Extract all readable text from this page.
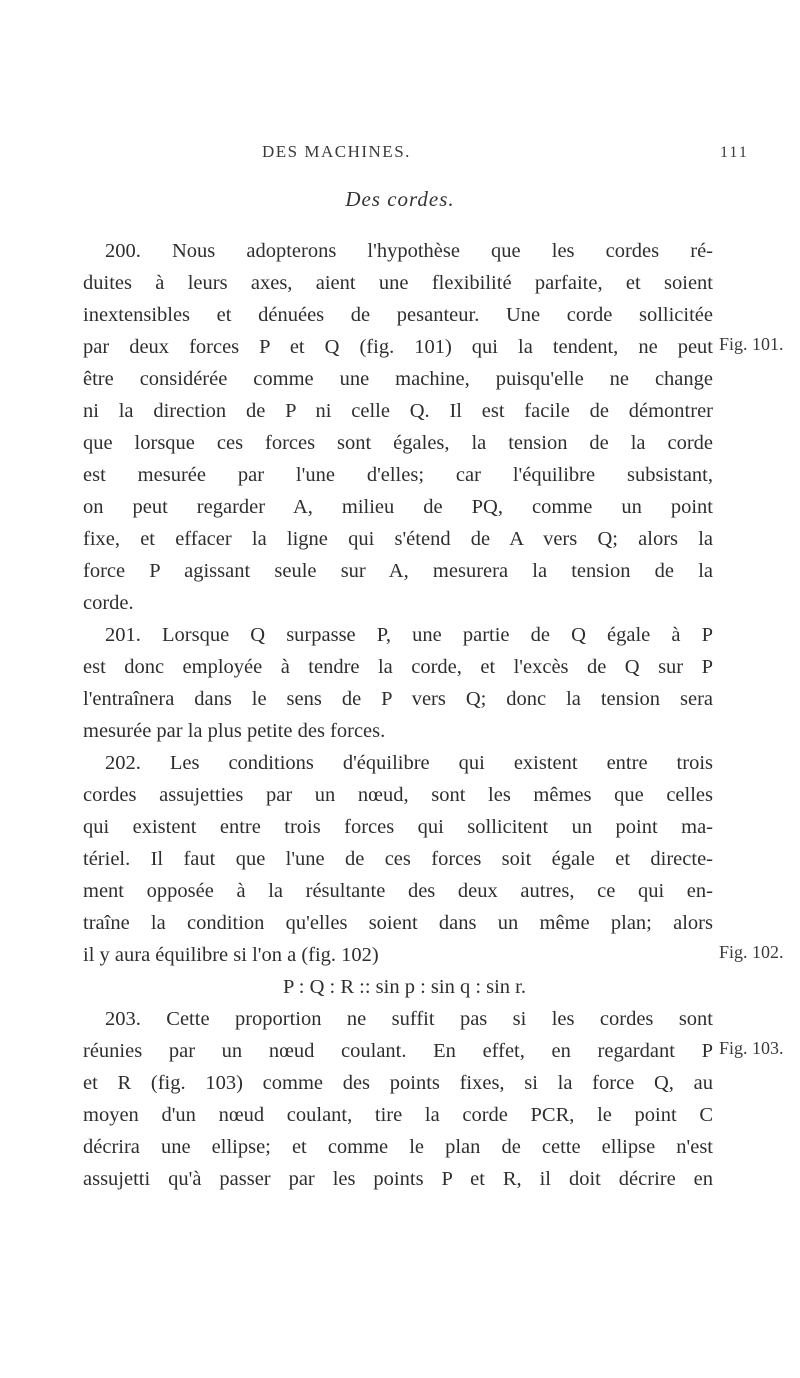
DES MACHINES.	111
Des cordes.
200. Nous adopterons l'hypothèse que les cordes ré-
duites à leurs axes, aient une flexibilité parfaite, et soient
inextensibles et dénuées de pesanteur. Une corde sollicitée
par deux forces P et Q (fig. 101) qui la tendent, ne peut
être considérée comme une machine, puisqu'elle ne change
ni la direction de P ni celle Q. Il est facile de démontrer
que lorsque ces forces sont égales, la tension de la corde
est mesurée par l'une d'elles; car l'équilibre subsistant,
on peut regarder A, milieu de PQ, comme un point
fixe, et effacer la ligne qui s'étend de A vers Q; alors la
force P agissant seule sur A, mesurera la tension de la
corde.
201. Lorsque Q surpasse P, une partie de Q égale à P
est donc employée à tendre la corde, et l'excès de Q sur P
l'entraînera dans le sens de P vers Q; donc la tension sera
mesurée par la plus petite des forces.
202. Les conditions d'équilibre qui existent entre trois
cordes assujetties par un nœud, sont les mêmes que celles
qui existent entre trois forces qui sollicitent un point ma-
tériel. Il faut que l'une de ces forces soit égale et directe-
ment opposée à la résultante des deux autres, ce qui en-
traîne la condition qu'elles soient dans un même plan; alors
il y aura équilibre si l'on a (fig. 102)
P : Q : R :: sin p : sin q : sin r.
203. Cette proportion ne suffit pas si les cordes sont
réunies par un nœud coulant. En effet, en regardant P
et R (fig. 103) comme des points fixes, si la force Q, au
moyen d'un nœud coulant, tire la corde PCR, le point C
décrira une ellipse; et comme le plan de cette ellipse n'est
assujetti qu'à passer par les points P et R, il doit décrire en
Fig. 101.
Fig. 102.
Fig. 103.
